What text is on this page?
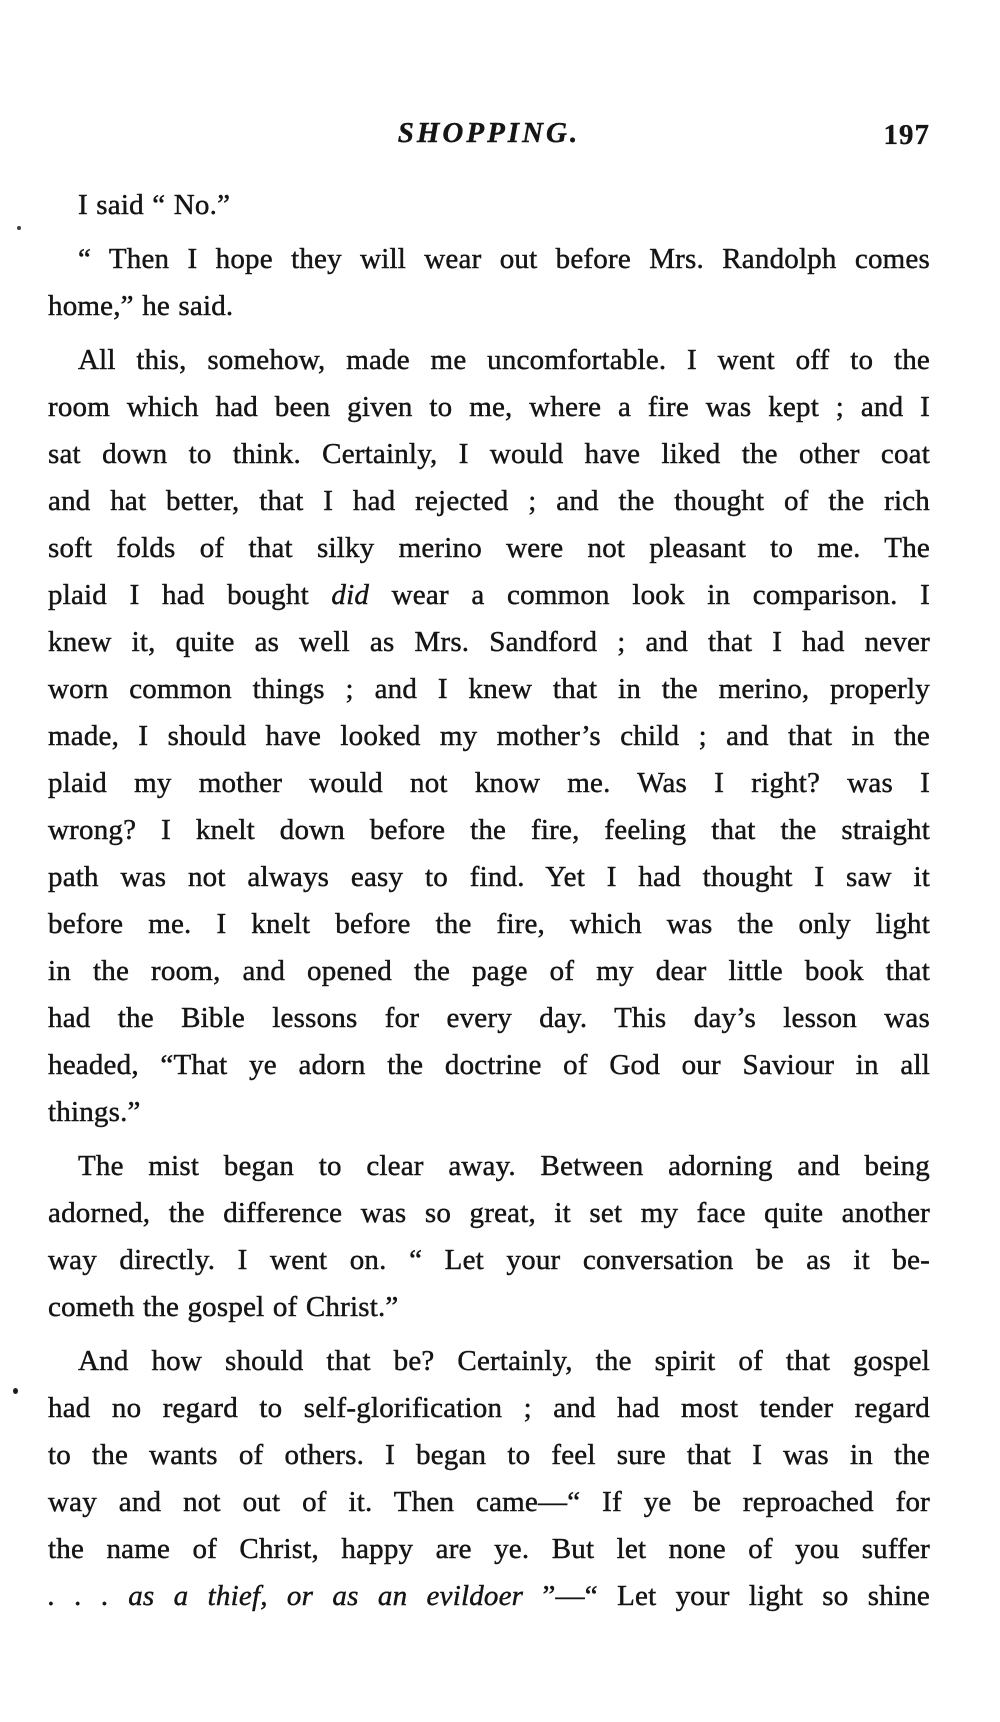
SHOPPING.	197
I said “ No.”
“ Then I hope they will wear out before Mrs. Randolph comes
home,” he said.
All this, somehow, made me uncomfortable. I went off to the
room which had been given to me, where a fire was kept ; and I
sat down to think. Certainly, I would have liked the other coat
and hat better, that I had rejected ; and the thought of the rich
soft folds of that silky merino were not pleasant to me. The
plaid I had bought did wear a common look in comparison. I
knew it, quite as well as Mrs. Sandford ; and that I had never
worn common things ; and I knew that in the merino, properly
made, I should have looked my mother’s child ; and that in the
plaid my mother would not know me. Was I right? was I
wrong? I knelt down before the fire, feeling that the straight
path was not always easy to find. Yet I had thought I saw it
before me. I knelt before the fire, which was the only light
in the room, and opened the page of my dear little book that
had the Bible lessons for every day. This day’s lesson was
headed, “That ye adorn the doctrine of God our Saviour in all
things.”
The mist began to clear away. Between adorning and being
adorned, the difference was so great, it set my face quite another
way directly. I went on. “ Let your conversation be as it be-
cometh the gospel of Christ.”
And how should that be? Certainly, the spirit of that gospel
had no regard to self-glorification ; and had most tender regard
to the wants of others. I began to feel sure that I was in the
way and not out of it. Then came—“ If ye be reproached for
the name of Christ, happy are ye. But let none of you suffer
. . . as a thief, or as an evildoer ”—“ Let your light so shine
